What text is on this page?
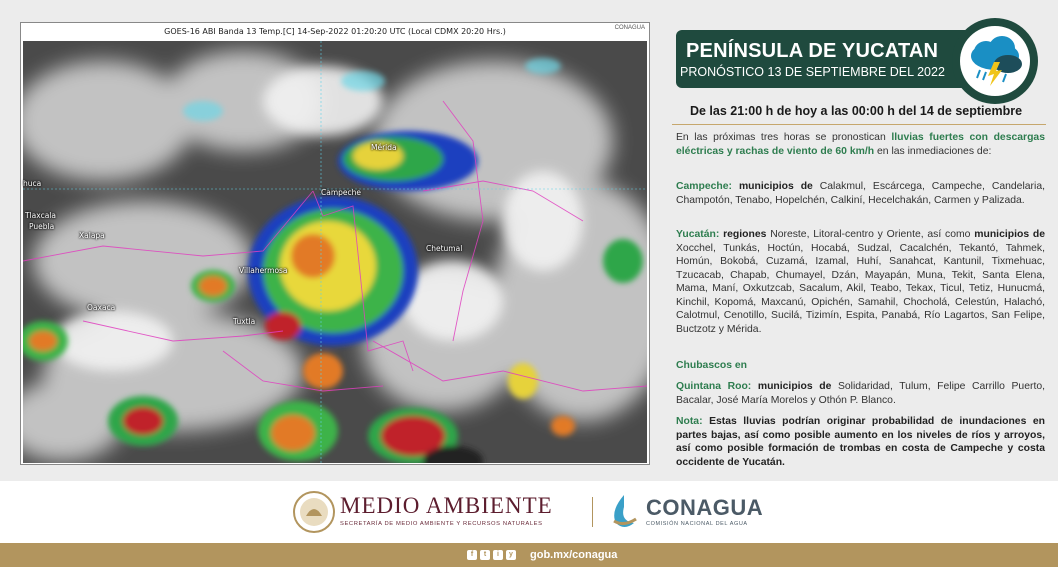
GOES-16 ABI Banda 13 Temp.[C] 14-Sep-2022 01:20:20 UTC (Local CDMX 20:20 Hrs.)	CONAGUA
Mérida
Campeche
Chetumal
Villahermosa
Xalapa
Tlaxcala
Puebla
Oaxaca
Tuxtla
hucа
PENÍNSULA DE YUCATAN
PRONÓSTICO 13 DE SEPTIEMBRE DEL 2022
De las 21:00 h de hoy a las 00:00 h del 14 de septiembre
En las próximas tres horas se pronostican lluvias fuertes con descargas eléctricas y rachas de viento de 60 km/h en las inmediaciones de:
Campeche: municipios de Calakmul, Escárcega, Campeche, Candelaria, Champotón, Tenabo, Hopelchén, Calkiní, Hecelchakán, Carmen y Palizada.
Yucatán: regiones Noreste, Litoral-centro y Oriente, así como municipios de Xocchel, Tunkás, Hoctún, Hocabá, Sudzal, Cacalchén, Tekantó, Tahmek, Homún, Bokobá, Cuzamá, Izamal, Huhí, Sanahcat, Kantunil, Tixmehuac, Tzucacab, Chapab, Chumayel, Dzán, Mayapán, Muna, Tekit, Santa Elena, Mama, Maní, Oxkutzcab, Sacalum, Akil, Teabo, Tekax, Ticul, Tetiz, Hunucmá, Kinchil, Kopomá, Maxcanú, Opichén, Samahil, Chocholá, Celestún, Halachó, Calotmul, Cenotillo, Sucilá, Tizimín, Espita, Panabá, Río Lagartos, San Felipe, Buctzotz y Mérida.
Chubascos en
Quintana Roo: municipios de Solidaridad, Tulum, Felipe Carrillo Puerto, Bacalar, José María Morelos y Othón P. Blanco.
Nota: Estas lluvias podrían originar probabilidad de inundaciones en partes bajas, así como posible aumento en los niveles de ríos y arroyos, así como posible formación de trombas en costa de Campeche y costa occidente de Yucatán.
MEDIO AMBIENTE
SECRETARÍA DE MEDIO AMBIENTE Y RECURSOS NATURALES
CONAGUA
COMISIÓN NACIONAL DEL AGUA
f	t	i	y gob.mx/conagua
